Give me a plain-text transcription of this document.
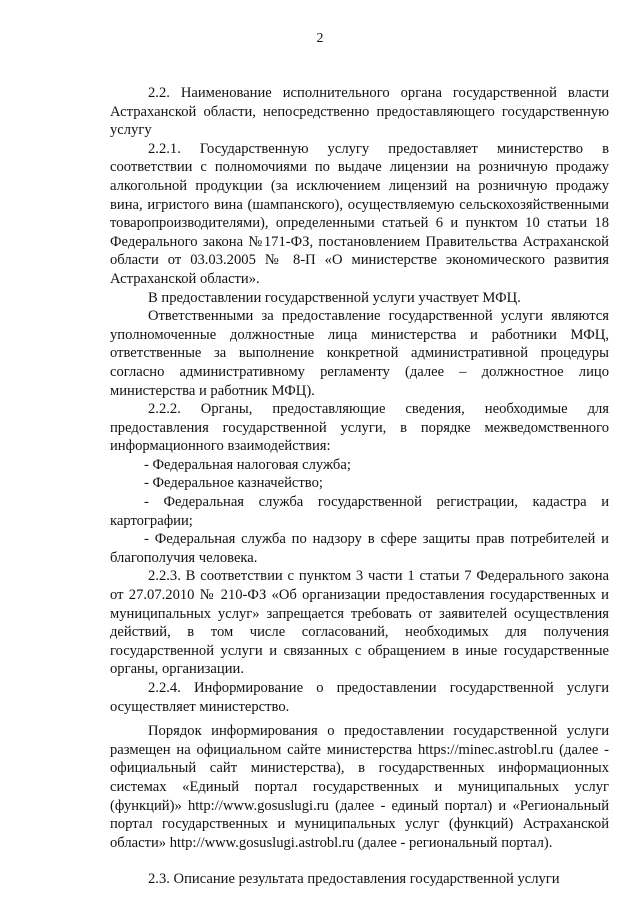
2

2.2. Наименование исполнительного органа государственной власти Астраханской области, непосредственно предоставляющего государственную услугу

2.2.1. Государственную услугу предоставляет министерство в соответствии с полномочиями по выдаче лицензии на розничную продажу алкогольной продукции (за исключением лицензий на розничную продажу вина, игристого вина (шампанского), осуществляемую сельскохозяйственными товаропроизводителями), определенными статьей 6 и пунктом 10 статьи 18 Федерального закона №171-ФЗ, постановлением Правительства Астраханской области от 03.03.2005 № 8-П «О министерстве экономического развития Астраханской области».

В предоставлении государственной услуги участвует МФЦ.

Ответственными за предоставление государственной услуги являются уполномоченные должностные лица министерства и работники МФЦ, ответственные за выполнение конкретной административной процедуры согласно административному регламенту (далее – должностное лицо министерства и работник МФЦ).

2.2.2. Органы, предоставляющие сведения, необходимые для предоставления государственной услуги, в порядке межведомственного информационного взаимодействия:

- Федеральная налоговая служба;

- Федеральное казначейство;

- Федеральная служба государственной регистрации, кадастра и картографии;

- Федеральная служба по надзору в сфере защиты прав потребителей и благополучия человека.

2.2.3. В соответствии с пунктом 3 части 1 статьи 7 Федерального закона от 27.07.2010 № 210-ФЗ «Об организации предоставления государственных и муниципальных услуг» запрещается требовать от заявителей осуществления действий, в том числе согласований, необходимых для получения государственной услуги и связанных с обращением в иные государственные органы, организации.

2.2.4. Информирование о предоставлении государственной услуги осуществляет министерство.

Порядок информирования о предоставлении государственной услуги размещен на официальном сайте министерства https://minec.astrobl.ru (далее - официальный сайт министерства), в государственных информационных системах «Единый портал государственных и муниципальных услуг (функций)» http://www.gosuslugi.ru (далее - единый портал) и «Региональный портал государственных и муниципальных услуг (функций) Астраханской области» http://www.gosuslugi.astrobl.ru (далее - региональный портал).

2.3. Описание результата предоставления государственной услуги
